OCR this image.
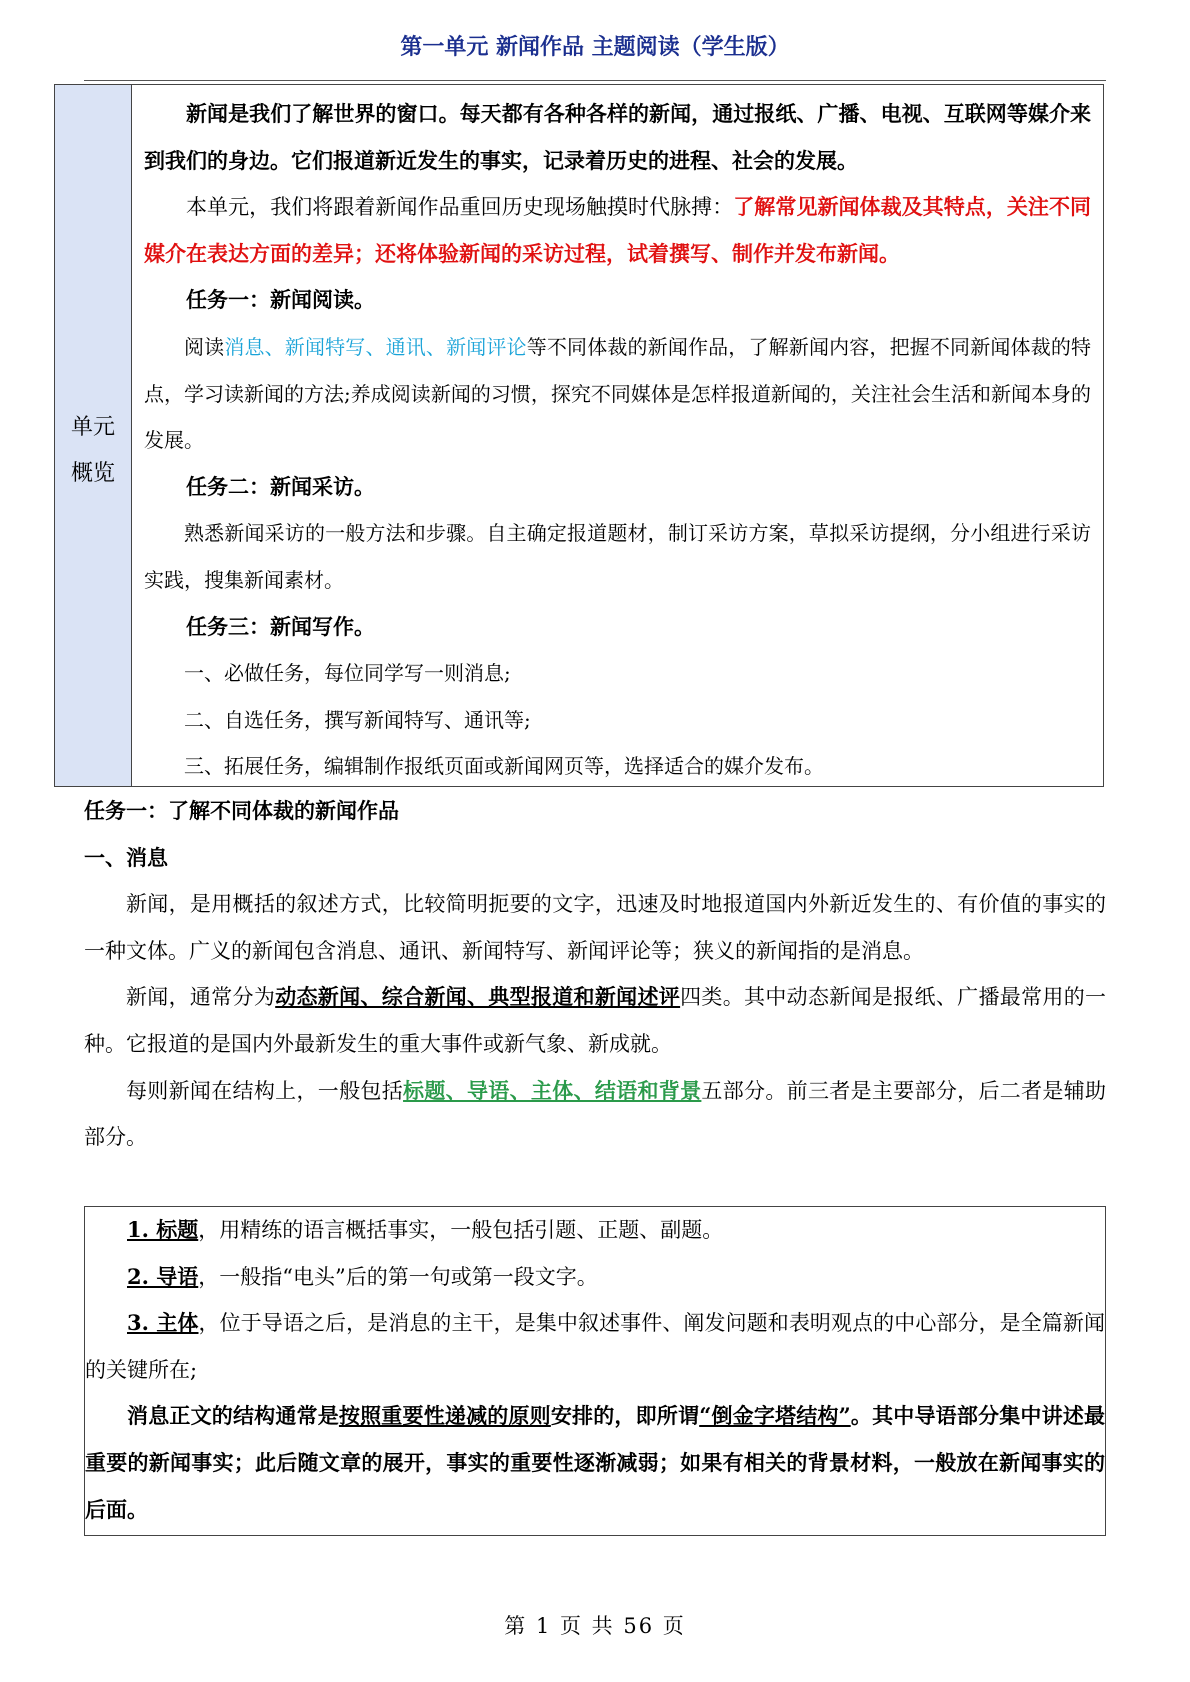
第一单元 新闻作品 主题阅读（学生版）
单元
概览

新闻是我们了解世界的窗口。每天都有各种各样的新闻，通过报纸、广播、电视、互联网等媒介来到我们的身边。它们报道新近发生的事实，记录着历史的进程、社会的发展。

本单元，我们将跟着新闻作品重回历史现场触摸时代脉搏：了解常见新闻体裁及其特点，关注不同媒介在表达方面的差异；还将体验新闻的采访过程，试着撰写、制作并发布新闻。

任务一：新闻阅读。

阅读消息、新闻特写、通讯、新闻评论等不同体裁的新闻作品，了解新闻内容，把握不同新闻体裁的特点，学习读新闻的方法;养成阅读新闻的习惯，探究不同媒体是怎样报道新闻的，关注社会生活和新闻本身的发展。

任务二：新闻采访。

熟悉新闻采访的一般方法和步骤。自主确定报道题材，制订采访方案，草拟采访提纲，分小组进行采访实践，搜集新闻素材。

任务三：新闻写作。

一、必做任务，每位同学写一则消息;

二、自选任务，撰写新闻特写、通讯等;

三、拓展任务，编辑制作报纸页面或新闻网页等，选择适合的媒介发布。

任务一：了解不同体裁的新闻作品

一、消息

新闻，是用概括的叙述方式，比较简明扼要的文字，迅速及时地报道国内外新近发生的、有价值的事实的一种文体。广义的新闻包含消息、通讯、新闻特写、新闻评论等；狭义的新闻指的是消息。

新闻，通常分为动态新闻、综合新闻、典型报道和新闻述评四类。其中动态新闻是报纸、广播最常用的一种。它报道的是国内外最新发生的重大事件或新气象、新成就。

每则新闻在结构上，一般包括标题、导语、主体、结语和背景五部分。前三者是主要部分，后二者是辅助部分。

1. 标题，用精练的语言概括事实，一般包括引题、正题、副题。

2. 导语，一般指“电头”后的第一句或第一段文字。

3. 主体，位于导语之后，是消息的主干，是集中叙述事件、阐发问题和表明观点的中心部分，是全篇新闻的关键所在;

消息正文的结构通常是按照重要性递减的原则安排的，即所谓“倒金字塔结构”。其中导语部分集中讲述最重要的新闻事实；此后随文章的展开，事实的重要性逐渐减弱；如果有相关的背景材料，一般放在新闻事实的后面。

第 1 页 共 56 页
